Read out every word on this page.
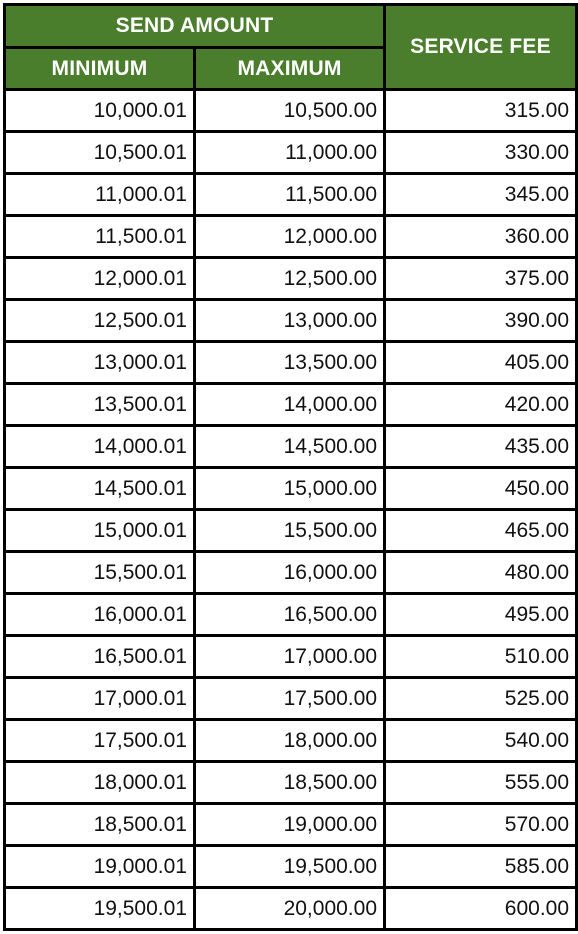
SEND AMOUNT		SERVICE FEE
MINIMUM	MAXIMUM	
10,000.01	10,500.00	315.00
10,500.01	11,000.00	330.00
11,000.01	11,500.00	345.00
11,500.01	12,000.00	360.00
12,000.01	12,500.00	375.00
12,500.01	13,000.00	390.00
13,000.01	13,500.00	405.00
13,500.01	14,000.00	420.00
14,000.01	14,500.00	435.00
14,500.01	15,000.00	450.00
15,000.01	15,500.00	465.00
15,500.01	16,000.00	480.00
16,000.01	16,500.00	495.00
16,500.01	17,000.00	510.00
17,000.01	17,500.00	525.00
17,500.01	18,000.00	540.00
18,000.01	18,500.00	555.00
18,500.01	19,000.00	570.00
19,000.01	19,500.00	585.00
19,500.01	20,000.00	600.00
